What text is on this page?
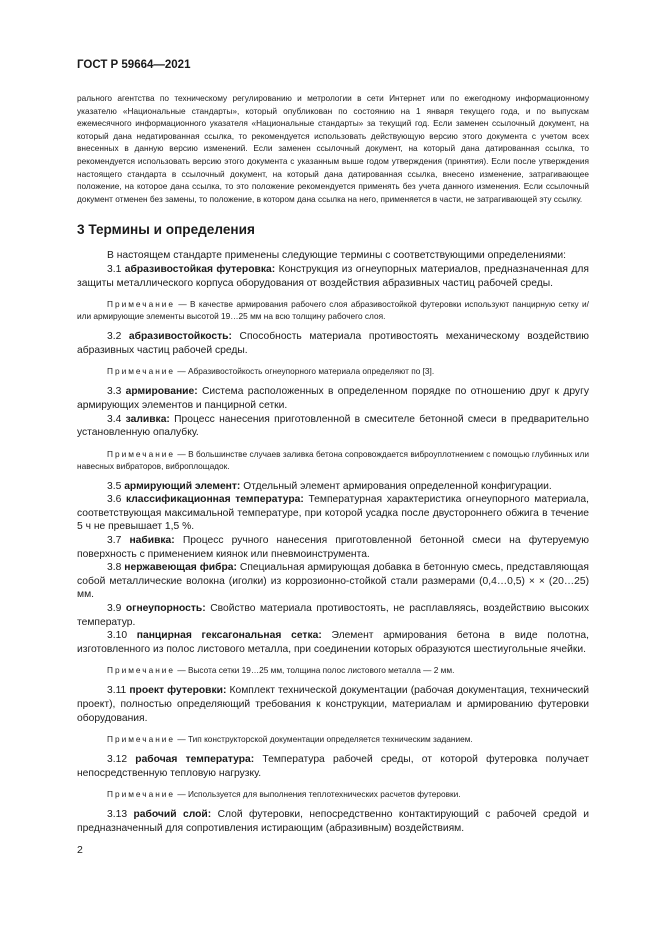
ГОСТ Р 59664—2021

рального агентства по техническому регулированию и метрологии в сети Интернет или по ежегодному информационному указателю «Национальные стандарты», который опубликован по состоянию на 1 января текущего года, и по выпускам ежемесячного информационного указателя «Национальные стандарты» за текущий год. Если заменен ссылочный документ, на который дана недатированная ссылка, то рекомендуется использовать действующую версию этого документа с учетом всех внесенных в данную версию изменений. Если заменен ссылочный документ, на который дана датированная ссылка, то рекомендуется использовать версию этого документа с указанным выше годом утверждения (принятия). Если после утверждения настоящего стандарта в ссылочный документ, на который дана датированная ссылка, внесено изменение, затрагивающее положение, на которое дана ссылка, то это положение рекомендуется применять без учета данного изменения. Если ссылочный документ отменен без замены, то положение, в котором дана ссылка на него, применяется в части, не затрагивающей эту ссылку.

3 Термины и определения

В настоящем стандарте применены следующие термины с соответствующими определениями:

3.1 абразивостойкая футеровка: Конструкция из огнеупорных материалов, предназначенная для защиты металлического корпуса оборудования от воздействия абразивных частиц рабочей среды.

Примечание — В качестве армирования рабочего слоя абразивостойкой футеровки используют панцирную сетку и/или армирующие элементы высотой 19…25 мм на всю толщину рабочего слоя.

3.2 абразивостойкость: Способность материала противостоять механическому воздействию абразивных частиц рабочей среды.

Примечание — Абразивостойкость огнеупорного материала определяют по [3].

3.3 армирование: Система расположенных в определенном порядке по отношению друг к другу армирующих элементов и панцирной сетки.

3.4 заливка: Процесс нанесения приготовленной в смесителе бетонной смеси в предварительно установленную опалубку.

Примечание — В большинстве случаев заливка бетона сопровождается виброуплотнением с помощью глубинных или навесных вибраторов, виброплощадок.

3.5 армирующий элемент: Отдельный элемент армирования определенной конфигурации.

3.6 классификационная температура: Температурная характеристика огнеупорного материала, соответствующая максимальной температуре, при которой усадка после двустороннего обжига в течение 5 ч не превышает 1,5 %.

3.7 набивка: Процесс ручного нанесения приготовленной бетонной смеси на футеруемую поверхность с применением киянок или пневмоинструмента.

3.8 нержавеющая фибра: Специальная армирующая добавка в бетонную смесь, представляющая собой металлические волокна (иголки) из коррозионно-стойкой стали размерами (0,4…0,5) × × (20…25) мм.

3.9 огнеупорность: Свойство материала противостоять, не расплавляясь, воздействию высоких температур.

3.10 панцирная гексагональная сетка: Элемент армирования бетона в виде полотна, изготовленного из полос листового металла, при соединении которых образуются шестиугольные ячейки.

Примечание — Высота сетки 19…25 мм, толщина полос листового металла — 2 мм.

3.11 проект футеровки: Комплект технической документации (рабочая документация, технический проект), полностью определяющий требования к конструкции, материалам и армированию футеровки оборудования.

Примечание — Тип конструкторской документации определяется техническим заданием.

3.12 рабочая температура: Температура рабочей среды, от которой футеровка получает непосредственную тепловую нагрузку.

Примечание — Используется для выполнения теплотехнических расчетов футеровки.

3.13 рабочий слой: Слой футеровки, непосредственно контактирующий с рабочей средой и предназначенный для сопротивления истирающим (абразивным) воздействиям.

2
